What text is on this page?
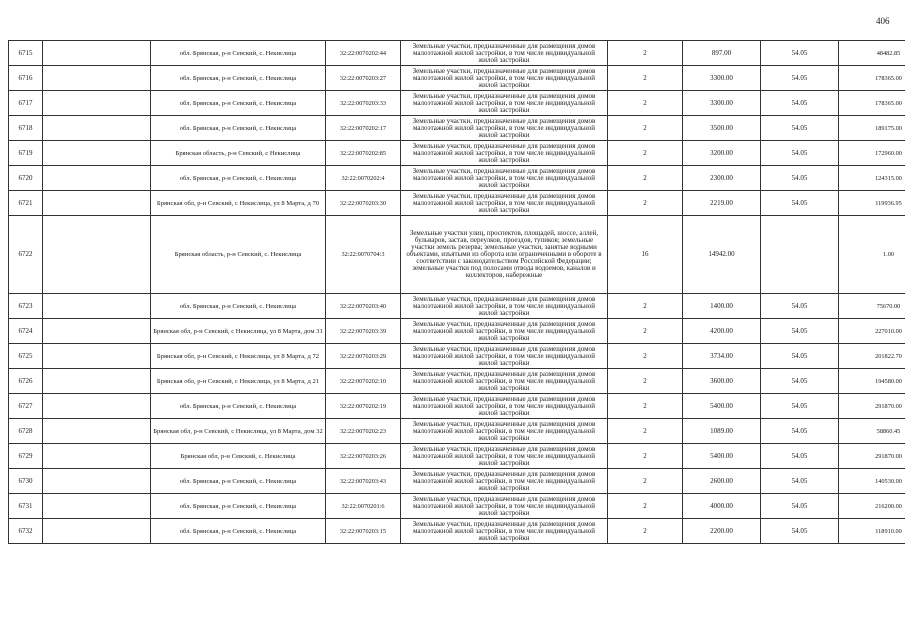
406
6715		обл. Брянская, р-н Севский, с. Некислица	32:22:0070202:44	Земельные участки, предназначенные для размещения домов малоэтажной жилой застройки, в том числе индивидуальной жилой застройки	2	897.00	54.05	48482.85
6716		обл. Брянская, р-н Севский, с. Некислица	32:22:0070203:27	Земельные участки, предназначенные для размещения домов малоэтажной жилой застройки, в том числе индивидуальной жилой застройки	2	3300.00	54.05	178365.00
6717		обл. Брянская, р-н Севский, с. Некислица	32:22:0070203:33	Земельные участки, предназначенные для размещения домов малоэтажной жилой застройки, в том числе индивидуальной жилой застройки	2	3300.00	54.05	178365.00
6718		обл. Брянская, р-н Севский, с. Некислица	32:22:0070202:17	Земельные участки, предназначенные для размещения домов малоэтажной жилой застройки, в том числе индивидуальной жилой застройки	2	3500.00	54.05	189175.00
6719		Брянская область, р-н Севский, с Некислица	32:22:0070202:85	Земельные участки, предназначенные для размещения домов малоэтажной жилой застройки, в том числе индивидуальной жилой застройки	2	3200.00	54.05	172960.00
6720		обл. Брянская, р-н Севский, с. Некислица	32:22:0070202:4	Земельные участки, предназначенные для размещения домов малоэтажной жилой застройки, в том числе индивидуальной жилой застройки	2	2300.00	54.05	124315.00
6721		Брянская обл, р-н Севский, с Некислица, ул 8 Марта, д 70	32:22:0070203:30	Земельные участки, предназначенные для размещения домов малоэтажной жилой застройки, в том числе индивидуальной жилой застройки	2	2219.00	54.05	119936.95
6722		Брянская область, р-н Севский, с. Некислица	32:22:0070704:3	Земельные участки улиц, проспектов, площадей, шоссе, аллей, бульваров, застав, переулков, проездов, тупиков; земельные участки земель резерва; земельные участки, занятые водными объектами, изъятыми из оборота или ограниченными в обороте в соответствии с законодательством Российской Федерации; земельные участки под полосами отвода водоемов, каналов и коллекторов, набережные	16	14942.00		1.00
6723		обл. Брянская, р-н Севский, с. Некислица	32:22:0070203:40	Земельные участки, предназначенные для размещения домов малоэтажной жилой застройки, в том числе индивидуальной жилой застройки	2	1400.00	54.05	75670.00
6724		Брянская обл, р-н Севский, с Некислица, ул 8 Марта, дом 31	32:22:0070203:39	Земельные участки, предназначенные для размещения домов малоэтажной жилой застройки, в том числе индивидуальной жилой застройки	2	4200.00	54.05	227010.00
6725		Брянская обл, р-н Севский, с Некислица, ул 8 Марта, д 72	32:22:0070203:29	Земельные участки, предназначенные для размещения домов малоэтажной жилой застройки, в том числе индивидуальной жилой застройки	2	3734.00	54.05	201822.70
6726		Брянская обл, р-н Севский, с Некислица, ул 8 Марта, д 21	32:22:0070202:10	Земельные участки, предназначенные для размещения домов малоэтажной жилой застройки, в том числе индивидуальной жилой застройки	2	3600.00	54.05	194580.00
6727		обл. Брянская, р-н Севский, с. Некислица	32:22:0070202:19	Земельные участки, предназначенные для размещения домов малоэтажной жилой застройки, в том числе индивидуальной жилой застройки	2	5400.00	54.05	291870.00
6728		Брянская обл, р-н Севский, с Некислица, ул 8 Марта, дом 32	32:22:0070202:23	Земельные участки, предназначенные для размещения домов малоэтажной жилой застройки, в том числе индивидуальной жилой застройки	2	1089.00	54.05	58860.45
6729		Брянская обл, р-н Севский, с. Некислица	32:22:0070203:26	Земельные участки, предназначенные для размещения домов малоэтажной жилой застройки, в том числе индивидуальной жилой застройки	2	5400.00	54.05	291870.00
6730		обл. Брянская, р-н Севский, с. Некислица	32:22:0070203:43	Земельные участки, предназначенные для размещения домов малоэтажной жилой застройки, в том числе индивидуальной жилой застройки	2	2600.00	54.05	140530.00
6731		обл. Брянская, р-н Севский, с. Некислица	32:22:0070201:6	Земельные участки, предназначенные для размещения домов малоэтажной жилой застройки, в том числе индивидуальной жилой застройки	2	4000.00	54.05	216200.00
6732		обл. Брянская, р-н Севский, с. Некислица	32:22:0070203:15	Земельные участки, предназначенные для размещения домов малоэтажной жилой застройки, в том числе индивидуальной жилой застройки	2	2200.00	54.05	118910.00
